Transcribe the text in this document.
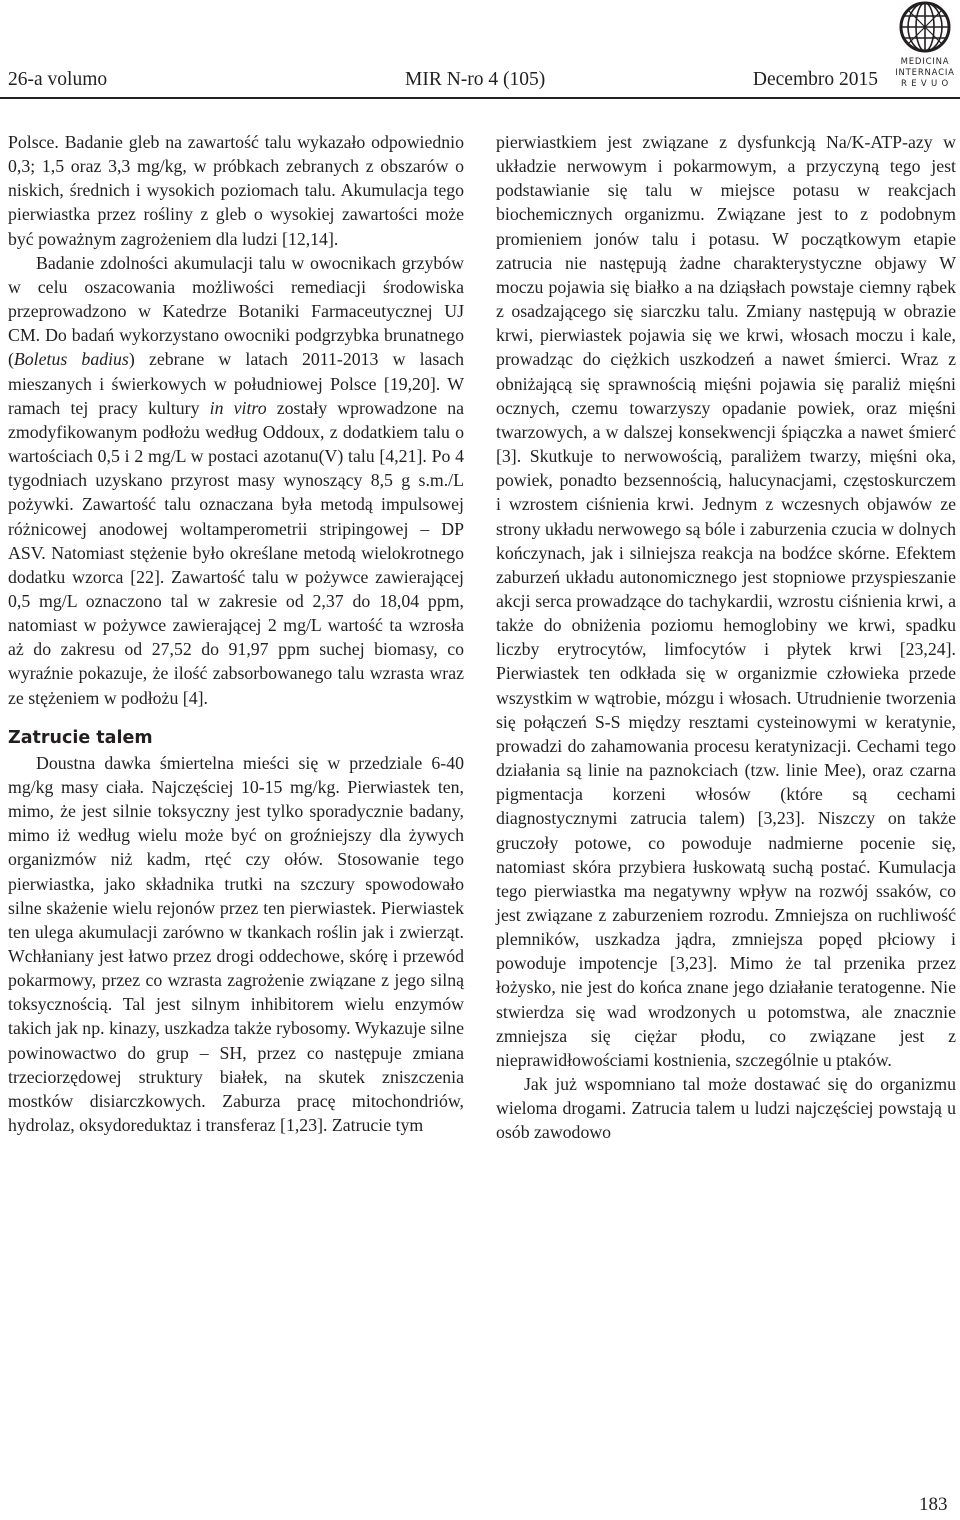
26-a volumo	MIR N-ro 4 (105)	Decembro 2015
MEDICINA
INTERNACIA
R E V U O

Polsce. Badanie gleb na zawartość talu wykazało odpowiednio 0,3; 1,5 oraz 3,3 mg/kg, w próbkach zebranych z obszarów o niskich, średnich i wysokich poziomach talu. Akumulacja tego pierwiastka przez rośliny z gleb o wysokiej zawartości może być poważnym zagrożeniem dla ludzi [12,14].

Badanie zdolności akumulacji talu w owocnikach grzybów w celu oszacowania możliwości remediacji środowiska przeprowadzono w Katedrze Botaniki Farmaceutycznej UJ CM. Do badań wykorzystano owocniki podgrzybka brunatnego (Boletus badius) zebrane w latach 2011-2013 w lasach mieszanych i świerkowych w południowej Polsce [19,20]. W ramach tej pracy kultury in vitro zostały wprowadzone na zmodyfikowanym podłożu według Oddoux, z dodatkiem talu o wartościach 0,5 i 2 mg/L w postaci azotanu(V) talu [4,21]. Po 4 tygodniach uzyskano przyrost masy wynoszący 8,5 g s.m./L pożywki. Zawartość talu oznaczana była metodą impulsowej różnicowej anodowej woltamperometrii stripingowej – DP ASV. Natomiast stężenie było określane metodą wielokrotnego dodatku wzorca [22]. Zawartość talu w pożywce zawierającej 0,5 mg/L oznaczono tal w zakresie od 2,37 do 18,04 ppm, natomiast w pożywce zawierającej 2 mg/L wartość ta wzrosła aż do zakresu od 27,52 do 91,97 ppm suchej biomasy, co wyraźnie pokazuje, że ilość zabsorbowanego talu wzrasta wraz ze stężeniem w podłożu [4].

Zatrucie talem

Doustna dawka śmiertelna mieści się w przedziale 6-40 mg/kg masy ciała. Najczęściej 10-15 mg/kg. Pierwiastek ten, mimo, że jest silnie toksyczny jest tylko sporadycznie badany, mimo iż według wielu może być on groźniejszy dla żywych organizmów niż kadm, rtęć czy ołów. Stosowanie tego pierwiastka, jako składnika trutki na szczury spowodowało silne skażenie wielu rejonów przez ten pierwiastek. Pierwiastek ten ulega akumulacji zarówno w tkankach roślin jak i zwierząt. Wchłaniany jest łatwo przez drogi oddechowe, skórę i przewód pokarmowy, przez co wzrasta zagrożenie związane z jego silną toksycznością. Tal jest silnym inhibitorem wielu enzymów takich jak np. kinazy, uszkadza także rybosomy. Wykazuje silne powinowactwo do grup – SH, przez co następuje zmiana trzeciorzędowej struktury białek, na skutek zniszczenia mostków disiarczkowych. Zaburza pracę mitochondriów, hydrolaz, oksydoreduktaz i transferaz [1,23]. Zatrucie tym

pierwiastkiem jest związane z dysfunkcją Na/K-ATP-azy w układzie nerwowym i pokarmowym, a przyczyną tego jest podstawianie się talu w miejsce potasu w reakcjach biochemicznych organizmu. Związane jest to z podobnym promieniem jonów talu i potasu. W początkowym etapie zatrucia nie następują żadne charakterystyczne objawy W moczu pojawia się białko a na dziąsłach powstaje ciemny rąbek z osadzającego się siarczku talu. Zmiany następują w obrazie krwi, pierwiastek pojawia się we krwi, włosach moczu i kale, prowadząc do ciężkich uszkodzeń a nawet śmierci. Wraz z obniżającą się sprawnością mięśni pojawia się paraliż mięśni ocznych, czemu towarzyszy opadanie powiek, oraz mięśni twarzowych, a w dalszej konsekwencji śpiączka a nawet śmierć [3]. Skutkuje to nerwowością, paraliżem twarzy, mięśni oka, powiek, ponadto bezsennością, halucynacjami, częstoskurczem i wzrostem ciśnienia krwi. Jednym z wczesnych objawów ze strony układu nerwowego są bóle i zaburzenia czucia w dolnych kończynach, jak i silniejsza reakcja na bodźce skórne. Efektem zaburzeń układu autonomicznego jest stopniowe przyspieszanie akcji serca prowadzące do tachykardii, wzrostu ciśnienia krwi, a także do obniżenia poziomu hemoglobiny we krwi, spadku liczby erytrocytów, limfocytów i płytek krwi [23,24]. Pierwiastek ten odkłada się w organizmie człowieka przede wszystkim w wątrobie, mózgu i włosach. Utrudnienie tworzenia się połączeń S-S między resztami cysteinowymi w keratynie, prowadzi do zahamowania procesu keratynizacji. Cechami tego działania są linie na paznokciach (tzw. linie Mee), oraz czarna pigmentacja korzeni włosów (które są cechami diagnostycznymi zatrucia talem) [3,23]. Niszczy on także gruczoły potowe, co powoduje nadmierne pocenie się, natomiast skóra przybiera łuskowatą suchą postać. Kumulacja tego pierwiastka ma negatywny wpływ na rozwój ssaków, co jest związane z zaburzeniem rozrodu. Zmniejsza on ruchliwość plemników, uszkadza jądra, zmniejsza popęd płciowy i powoduje impotencje [3,23]. Mimo że tal przenika przez łożysko, nie jest do końca znane jego działanie teratogenne. Nie stwierdza się wad wrodzonych u potomstwa, ale znacznie zmniejsza się ciężar płodu, co związane jest z nieprawidłowościami kostnienia, szczególnie u ptaków.

Jak już wspomniano tal może dostawać się do organizmu wieloma drogami. Zatrucia talem u ludzi najczęściej powstają u osób zawodowo

183
